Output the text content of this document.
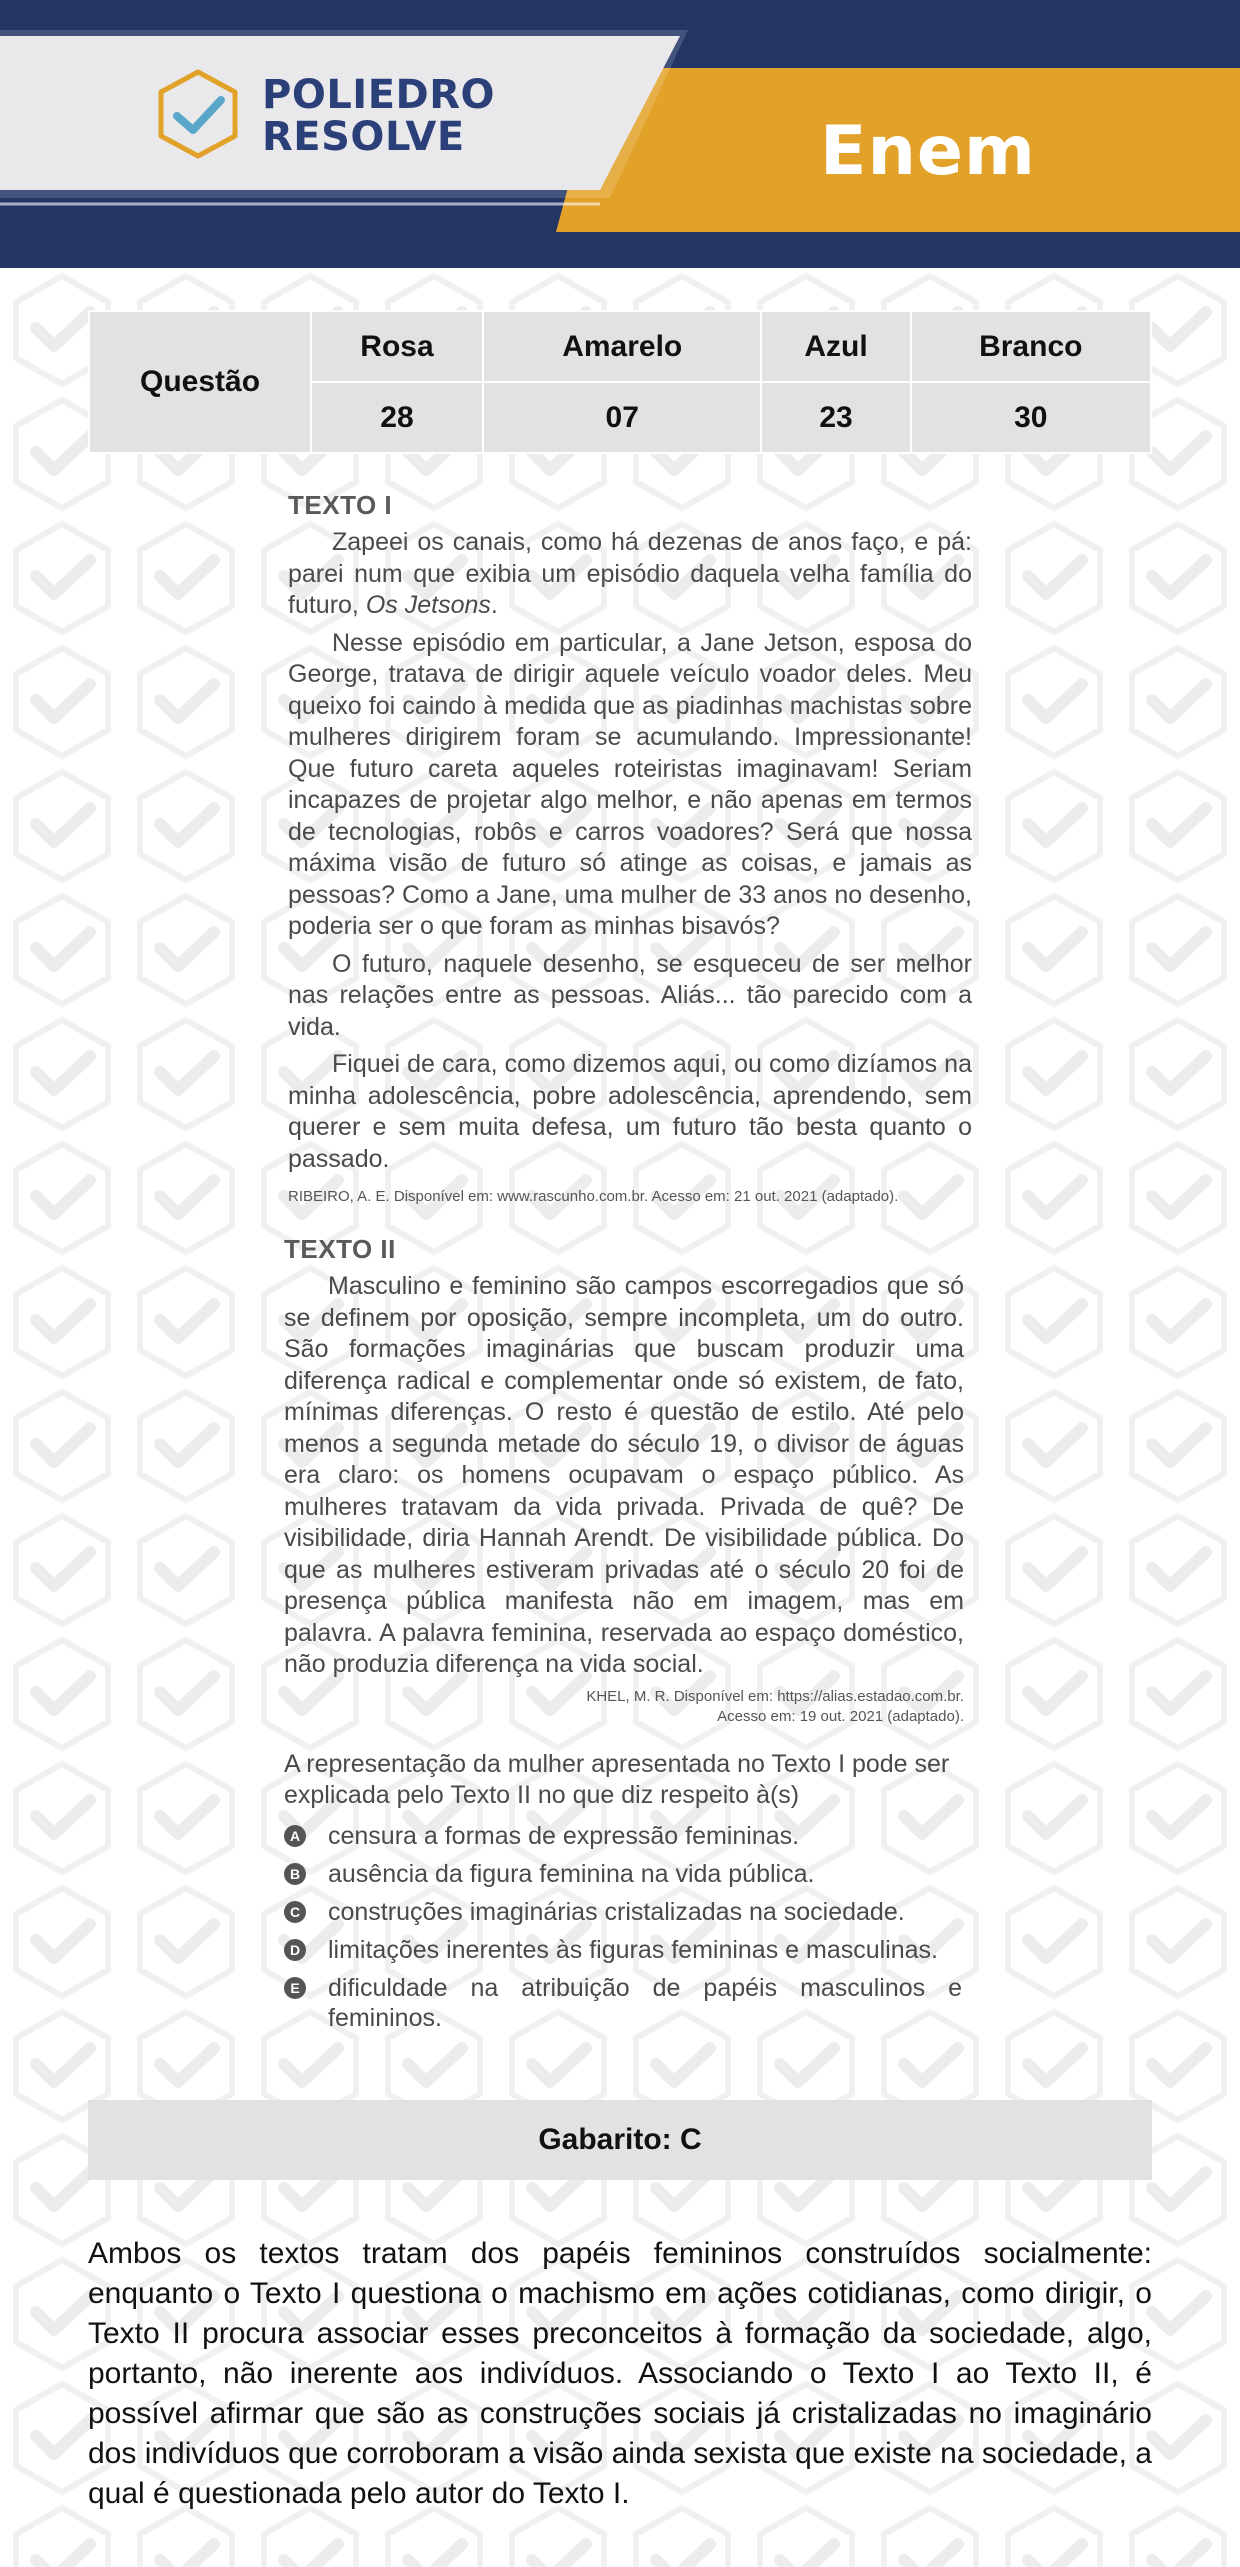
POLIEDRO
RESOLVE	Enem
Questão	Rosa	Amarelo	Azul	Branco
	28	07	23	30
TEXTO I

Zapeei os canais, como há dezenas de anos faço, e pá: parei num que exibia um episódio daquela velha família do futuro, Os Jetsons.

Nesse episódio em particular, a Jane Jetson, esposa do George, tratava de dirigir aquele veículo voador deles. Meu queixo foi caindo à medida que as piadinhas machistas sobre mulheres dirigirem foram se acumulando. Impressionante! Que futuro careta aqueles roteiristas imaginavam! Seriam incapazes de projetar algo melhor, e não apenas em termos de tecnologias, robôs e carros voadores? Será que nossa máxima visão de futuro só atinge as coisas, e jamais as pessoas? Como a Jane, uma mulher de 33 anos no desenho, poderia ser o que foram as minhas bisavós?

O futuro, naquele desenho, se esqueceu de ser melhor nas relações entre as pessoas. Aliás... tão parecido com a vida.

Fiquei de cara, como dizemos aqui, ou como dizíamos na minha adolescência, pobre adolescência, aprendendo, sem querer e sem muita defesa, um futuro tão besta quanto o passado.

RIBEIRO, A. E. Disponível em: www.rascunho.com.br. Acesso em: 21 out. 2021 (adaptado).
TEXTO II

Masculino e feminino são campos escorregadios que só se definem por oposição, sempre incompleta, um do outro. São formações imaginárias que buscam produzir uma diferença radical e complementar onde só existem, de fato, mínimas diferenças. O resto é questão de estilo. Até pelo menos a segunda metade do século 19, o divisor de águas era claro: os homens ocupavam o espaço público. As mulheres tratavam da vida privada. Privada de quê? De visibilidade, diria Hannah Arendt. De visibilidade pública. Do que as mulheres estiveram privadas até o século 20 foi de presença pública manifesta não em imagem, mas em palavra. A palavra feminina, reservada ao espaço doméstico, não produzia diferença na vida social.

KHEL, M. R. Disponível em: https://alias.estadao.com.br.
Acesso em: 19 out. 2021 (adaptado).
A representação da mulher apresentada no Texto I pode ser explicada pelo Texto II no que diz respeito à(s)
A censura a formas de expressão femininas.
B ausência da figura feminina na vida pública.
C construções imaginárias cristalizadas na sociedade.
D limitações inerentes às figuras femininas e masculinas.
E dificuldade na atribuição de papéis masculinos e femininos.
Gabarito: C

Ambos os textos tratam dos papéis femininos construídos socialmente: enquanto o Texto I questiona o machismo em ações cotidianas, como dirigir, o Texto II procura associar esses preconceitos à formação da sociedade, algo, portanto, não inerente aos indivíduos. Associando o Texto I ao Texto II, é possível afirmar que são as construções sociais já cristalizadas no imaginário dos indivíduos que corroboram a visão ainda sexista que existe na sociedade, a qual é questionada pelo autor do Texto I.
